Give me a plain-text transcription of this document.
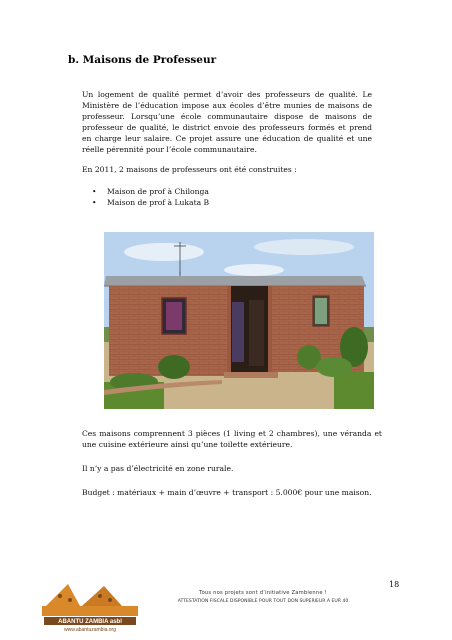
b. Maisons de Professeur
Un logement de qualité permet d’avoir des professeurs de qualité. Le Ministère de l’éducation impose aux écoles d’être munies de maisons de professeur. Lorsqu’une école communautaire dispose de maisons de professeur de qualité, le district envoie des professeurs formés et prend en charge leur salaire. Ce projet assure une éducation de qualité et une réelle pérennité pour l’école communautaire.
En 2011, 2 maisons de professeurs ont été construites :
• Maison de prof à Chilonga
• Maison de prof à Lukata B
Ces maisons comprennent 3 pièces (1 living et 2 chambres), une véranda et une cuisine extérieure ainsi qu’une toilette extérieure.
Il n’y a pas d’électricité en zone rurale.
Budget : matériaux + main d’œuvre + transport : 5.000€ pour une maison.
18
Tous nos projets sont d’initiative Zambienne !
ATTESTATION FISCALE DISPONIBLE POUR TOUT DON SUPERIEUR A EUR 40
ABANTU ZAMBIA asbl
www.abantuzambia.org
